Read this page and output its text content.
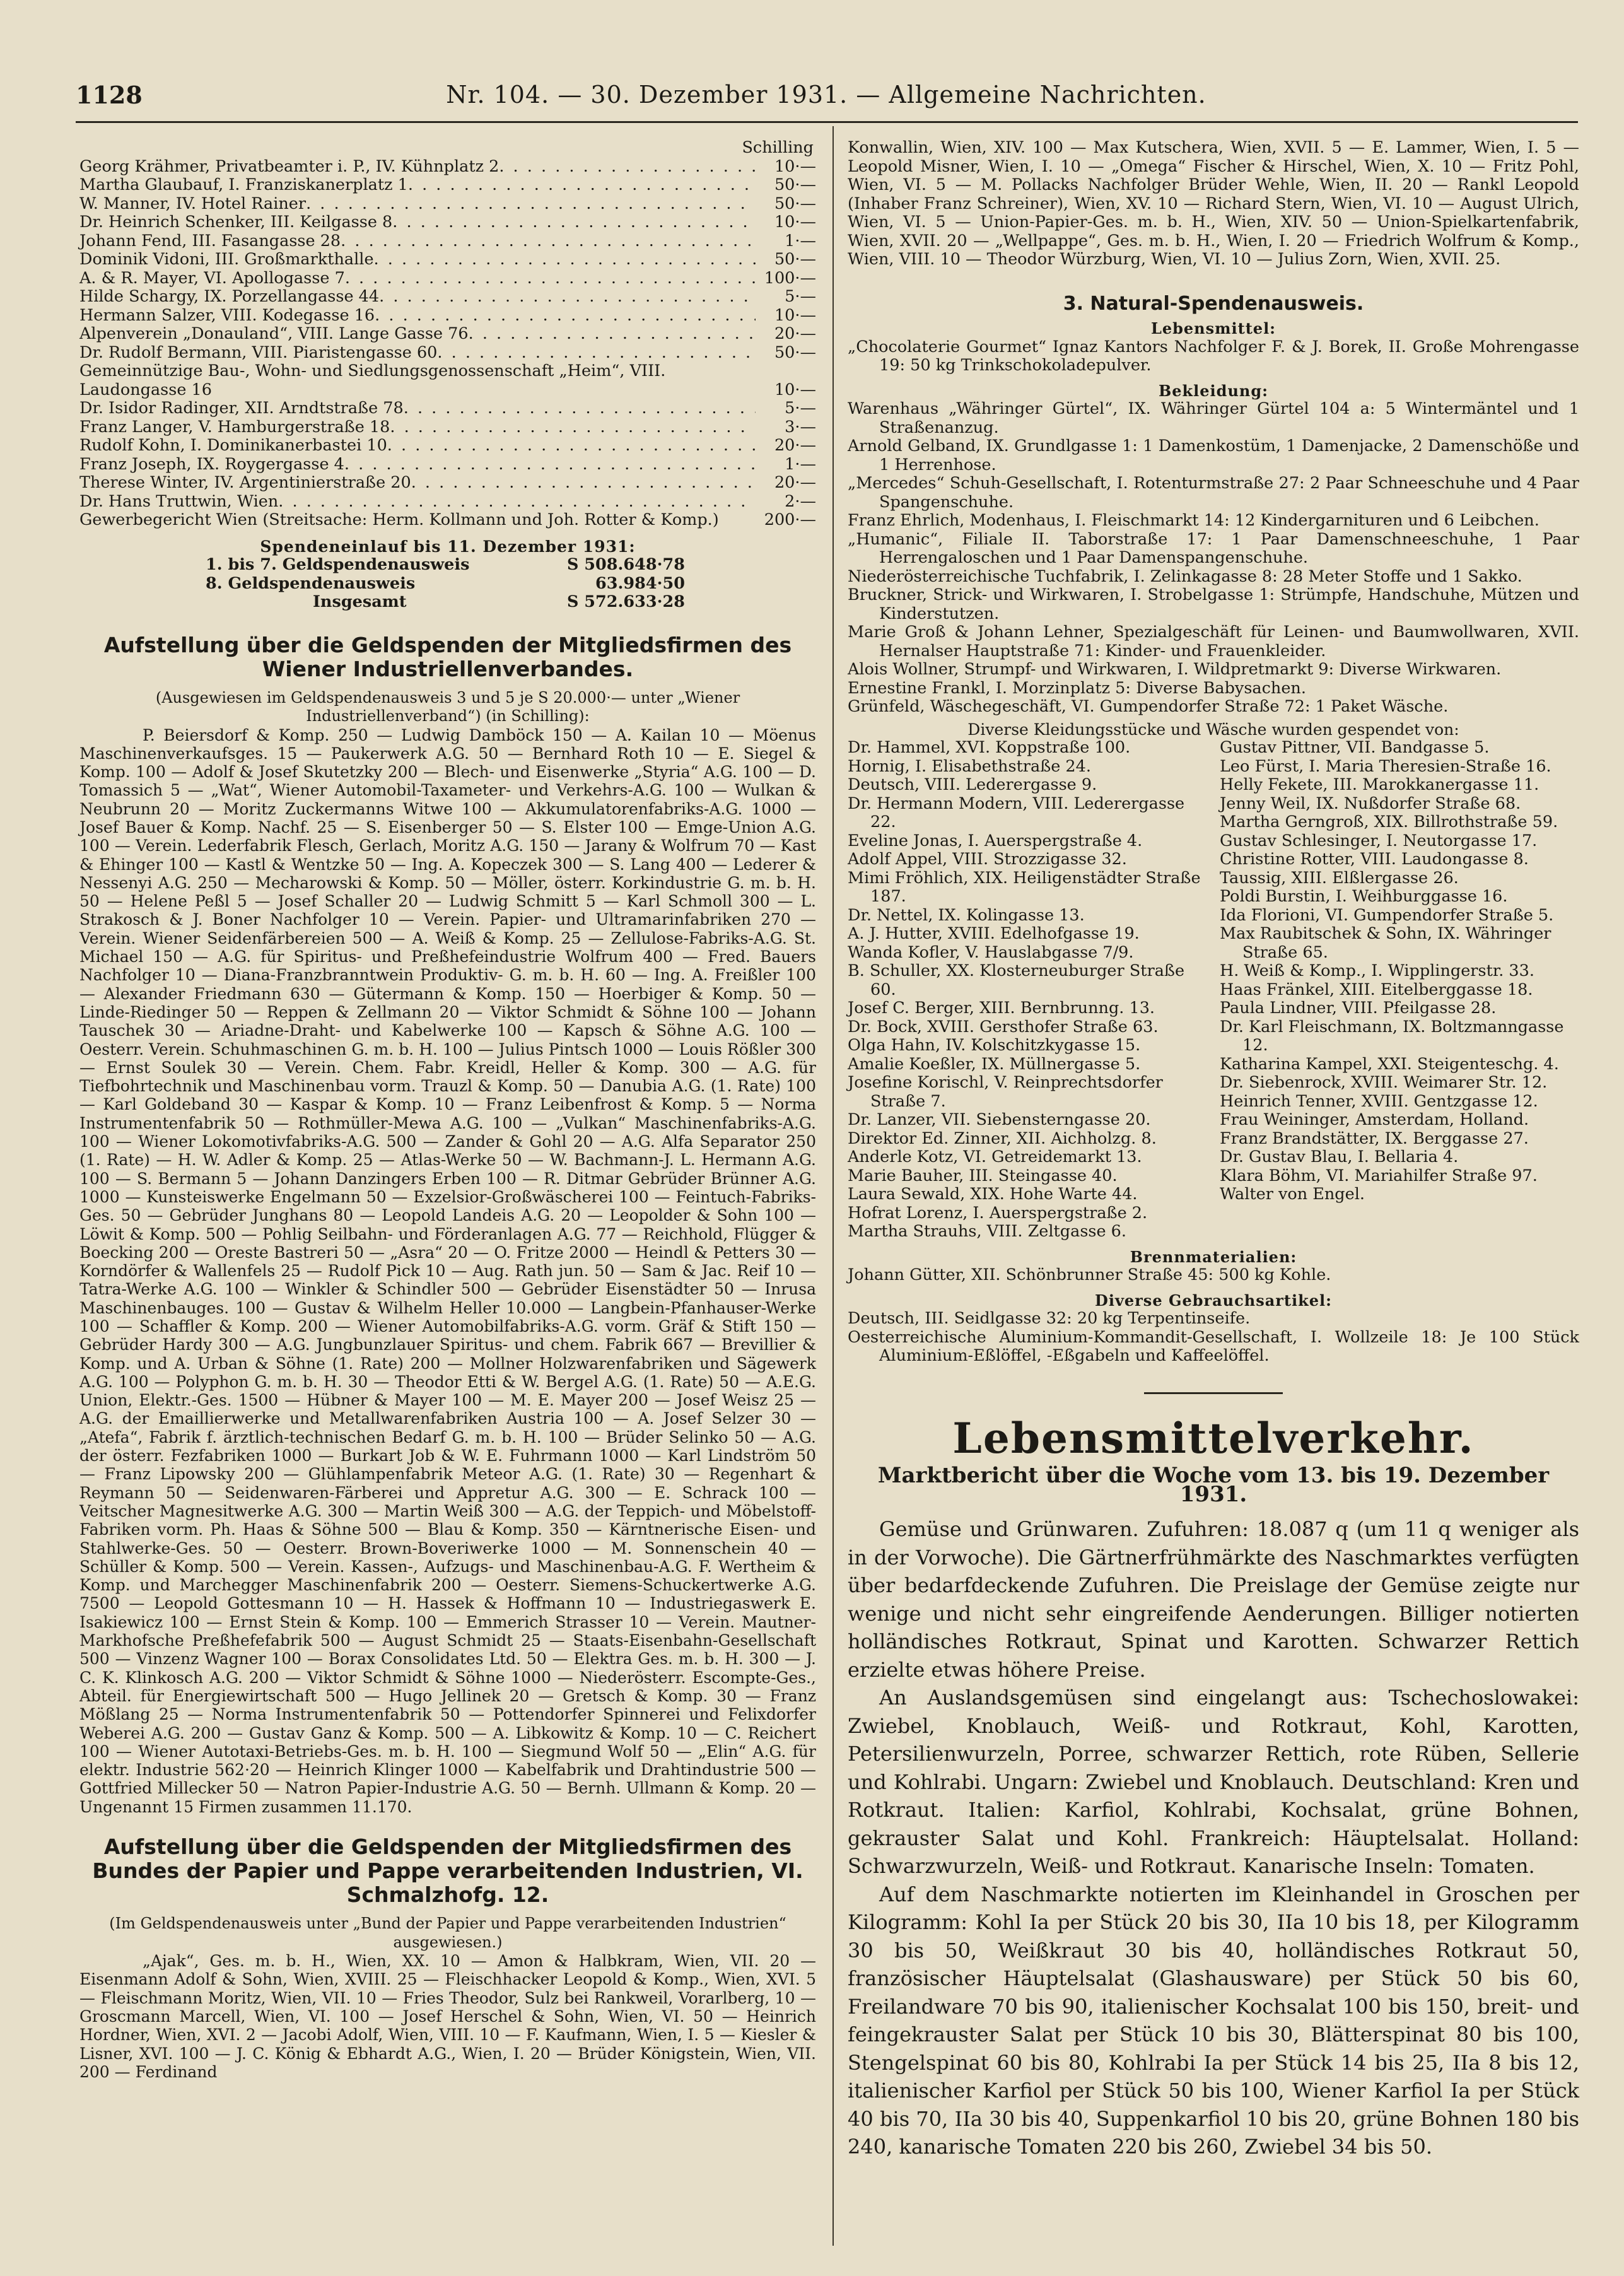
1128	Nr. 104. — 30. Dezember 1931. — Allgemeine Nachrichten.
Schilling
Georg Krähmer, Privatbeamter i. P., IV. Kühnplatz 2 . . .	10·—
Martha Glaubauf, I. Franziskanerplatz 1 . . .	50·—
W. Manner, IV. Hotel Rainer . . .	50·—
Dr. Heinrich Schenker, III. Keilgasse 8 . . .	10·—
Johann Fend, III. Fasangasse 28 . . .	1·—
Dominik Vidoni, III. Großmarkthalle . . .	50·—
A. & R. Mayer, VI. Apollogasse 7 . . .	100·—
Hilde Schargy, IX. Porzellangasse 44 . . .	5·—
Hermann Salzer, VIII. Kodegasse 16 . . .	10·—
Alpenverein „Donauland“, VIII. Lange Gasse 76 . . .	20·—
Dr. Rudolf Bermann, VIII. Piaristengasse 60 . . .	50·—
Gemeinnützige Bau-, Wohn- und Siedlungsgenossenschaft „Heim“, VIII. Laudongasse 16	10·—
Dr. Isidor Radinger, XII. Arndtstraße 78 . . .	5·—
Franz Langer, V. Hamburgerstraße 18 . . .	3·—
Rudolf Kohn, I. Dominikanerbastei 10 . . .	20·—
Franz Joseph, IX. Roygergasse 4 . . .	1·—
Therese Winter, IV. Argentinierstraße 20 . . .	20·—
Dr. Hans Truttwin, Wien . . .	2·—
Gewerbegericht Wien (Streitsache: Herm. Kollmann und Joh. Rotter & Komp.)	200·—
Spendeneinlauf bis 11. Dezember 1931:
1. bis 7. Geldspendenausweis	S 508.648·78
8. Geldspendenausweis	63.984·50
Insgesamt	S 572.633·28
Aufstellung über die Geldspenden der Mitgliedsfirmen des Wiener Industriellenverbandes.
(Ausgewiesen im Geldspendenausweis 3 und 5 je S 20.000·— unter „Wiener Industriellenverband“) (in Schilling):
P. Beiersdorf & Komp. 250 — Ludwig Damböck 150 — A. Kailan 10 — Möenus Maschinenverkaufsges. 15 — Paukerwerk A.G. 50 — Bernhard Roth 10 — E. Siegel & Komp. 100 — Adolf & Josef Skutetzky 200 — Blech- und Eisenwerke „Styria“ A.G. 100 — D. Tomassich 5 — „Wat“, Wiener Automobil-Taxameter- und Verkehrs-A.G. 100 — Wulkan & Neubrunn 20 — Moritz Zuckermanns Witwe 100 — Akkumulatorenfabriks-A.G. 1000 — Josef Bauer & Komp. Nachf. 25 — S. Eisenberger 50 — S. Elster 100 — Emge-Union A.G. 100 — Verein. Lederfabrik Flesch, Gerlach, Moritz A.G. 150 — Jarany & Wolfrum 70 — Kast & Ehinger 100 — Kastl & Wentzke 50 — Ing. A. Kopeczek 300 — S. Lang 400 — Lederer & Nessenyi A.G. 250 — Mecharowski & Komp. 50 — Möller, österr. Korkindustrie G. m. b. H. 50 — Helene Peßl 5 — Josef Schaller 20 — Ludwig Schmitt 5 — Karl Schmoll 300 — L. Strakosch & J. Boner Nachfolger 10 — Verein. Papier- und Ultramarinfabriken 270 — Verein. Wiener Seidenfärbereien 500 — A. Weiß & Komp. 25 — Zellulose-Fabriks-A.G. St. Michael 150 — A.G. für Spiritus- und Preßhefeindustrie Wolfrum 400 — Fred. Bauers Nachfolger 10 — Diana-Franzbranntwein Produktiv- G. m. b. H. 60 — Ing. A. Freißler 100 — Alexander Friedmann 630 — Gütermann & Komp. 150 — Hoerbiger & Komp. 50 — Linde-Riedinger 50 — Reppen & Zellmann 20 — Viktor Schmidt & Söhne 100 — Johann Tauschek 30 — Ariadne-Draht- und Kabelwerke 100 — Kapsch & Söhne A.G. 100 — Oesterr. Verein. Schuhmaschinen G. m. b. H. 100 — Julius Pintsch 1000 — Louis Rößler 300 — Ernst Soulek 30 — Verein. Chem. Fabr. Kreidl, Heller & Komp. 300 — A.G. für Tiefbohrtechnik und Maschinenbau vorm. Trauzl & Komp. 50 — Danubia A.G. (1. Rate) 100 — Karl Goldeband 30 — Kaspar & Komp. 10 — Franz Leibenfrost & Komp. 5 — Norma Instrumentenfabrik 50 — Rothmüller-Mewa A.G. 100 — „Vulkan“ Maschinenfabriks-A.G. 100 — Wiener Lokomotivfabriks-A.G. 500 — Zander & Gohl 20 — A.G. Alfa Separator 250 (1. Rate) — H. W. Adler & Komp. 25 — Atlas-Werke 50 — W. Bachmann-J. L. Hermann A.G. 100 — S. Bermann 5 — Johann Danzingers Erben 100 — R. Ditmar Gebrüder Brünner A.G. 1000 — Kunsteiswerke Engelmann 50 — Exzelsior-Großwäscherei 100 — Feintuch-Fabriks-Ges. 50 — Gebrüder Junghans 80 — Leopold Landeis A.G. 20 — Leopolder & Sohn 100 — Löwit & Komp. 500 — Pohlig Seilbahn- und Förderanlagen A.G. 77 — Reichhold, Flügger & Boecking 200 — Oreste Bastreri 50 — „Asra“ 20 — O. Fritze 2000 — Heindl & Petters 30 — Korndörfer & Wallenfels 25 — Rudolf Pick 10 — Aug. Rath jun. 50 — Sam & Jac. Reif 10 — Tatra-Werke A.G. 100 — Winkler & Schindler 500 — Gebrüder Eisenstädter 50 — Inrusa Maschinenbauges. 100 — Gustav & Wilhelm Heller 10.000 — Langbein-Pfanhauser-Werke 100 — Schaffler & Komp. 200 — Wiener Automobilfabriks-A.G. vorm. Gräf & Stift 150 — Gebrüder Hardy 300 — A.G. Jungbunzlauer Spiritus- und chem. Fabrik 667 — Brevillier & Komp. und A. Urban & Söhne (1. Rate) 200 — Mollner Holzwarenfabriken und Sägewerk A.G. 100 — Polyphon G. m. b. H. 30 — Theodor Etti & W. Bergel A.G. (1. Rate) 50 — A.E.G. Union, Elektr.-Ges. 1500 — Hübner & Mayer 100 — M. E. Mayer 200 — Josef Weisz 25 — A.G. der Emaillierwerke und Metallwarenfabriken Austria 100 — A. Josef Selzer 30 — „Atefa“, Fabrik f. ärztlich-technischen Bedarf G. m. b. H. 100 — Brüder Selinko 50 — A.G. der österr. Fezfabriken 1000 — Burkart Job & W. E. Fuhrmann 1000 — Karl Lindström 50 — Franz Lipowsky 200 — Glühlampenfabrik Meteor A.G. (1. Rate) 30 — Regenhart & Reymann 50 — Seidenwaren-Färberei und Appretur A.G. 300 — E. Schrack 100 — Veitscher Magnesitwerke A.G. 300 — Martin Weiß 300 — A.G. der Teppich- und Möbelstoff-Fabriken vorm. Ph. Haas & Söhne 500 — Blau & Komp. 350 — Kärntnerische Eisen- und Stahlwerke-Ges. 50 — Oesterr. Brown-Boveriwerke 1000 — M. Sonnenschein 40 — Schüller & Komp. 500 — Verein. Kassen-, Aufzugs- und Maschinenbau-A.G. F. Wertheim & Komp. und Marchegger Maschinenfabrik 200 — Oesterr. Siemens-Schuckertwerke A.G. 7500 — Leopold Gottesmann 10 — H. Hassek & Hoffmann 10 — Industriegaswerk E. Isakiewicz 100 — Ernst Stein & Komp. 100 — Emmerich Strasser 10 — Verein. Mautner-Markhofsche Preßhefefabrik 500 — August Schmidt 25 — Staats-Eisenbahn-Gesellschaft 500 — Vinzenz Wagner 100 — Borax Consolidates Ltd. 50 — Elektra Ges. m. b. H. 300 — J. C. K. Klinkosch A.G. 200 — Viktor Schmidt & Söhne 1000 — Niederösterr. Escompte-Ges., Abteil. für Energiewirtschaft 500 — Hugo Jellinek 20 — Gretsch & Komp. 30 — Franz Mößlang 25 — Norma Instrumentenfabrik 50 — Pottendorfer Spinnerei und Felixdorfer Weberei A.G. 200 — Gustav Ganz & Komp. 500 — A. Libkowitz & Komp. 10 — C. Reichert 100 — Wiener Autotaxi-Betriebs-Ges. m. b. H. 100 — Siegmund Wolf 50 — „Elin“ A.G. für elektr. Industrie 562·20 — Heinrich Klinger 1000 — Kabelfabrik und Drahtindustrie 500 — Gottfried Millecker 50 — Natron Papier-Industrie A.G. 50 — Bernh. Ullmann & Komp. 20 — Ungenannt 15 Firmen zusammen 11.170.
Aufstellung über die Geldspenden der Mitgliedsfirmen des Bundes der Papier und Pappe verarbeitenden Industrien, VI. Schmalzhofg. 12.
(Im Geldspendenausweis unter „Bund der Papier und Pappe verarbeitenden Industrien“ ausgewiesen.)
„Ajak“, Ges. m. b. H., Wien, XX. 10 — Amon & Halbkram, Wien, VII. 20 — Eisenmann Adolf & Sohn, Wien, XVIII. 25 — Fleischhacker Leopold & Komp., Wien, XVI. 5 — Fleischmann Moritz, Wien, VII. 10 — Fries Theodor, Sulz bei Rankweil, Vorarlberg, 10 — Groscmann Marcell, Wien, VI. 100 — Josef Herschel & Sohn, Wien, VI. 50 — Heinrich Hordner, Wien, XVI. 2 — Jacobi Adolf, Wien, VIII. 10 — F. Kaufmann, Wien, I. 5 — Kiesler & Lisner, XVI. 100 — J. C. König & Ebhardt A.G., Wien, I. 20 — Brüder Königstein, Wien, VII. 200 — Ferdinand
Konwallin, Wien, XIV. 100 — Max Kutschera, Wien, XVII. 5 — E. Lammer, Wien, I. 5 — Leopold Misner, Wien, I. 10 — „Omega“ Fischer & Hirschel, Wien, X. 10 — Fritz Pohl, Wien, VI. 5 — M. Pollacks Nachfolger Brüder Wehle, Wien, II. 20 — Rankl Leopold (Inhaber Franz Schreiner), Wien, XV. 10 — Richard Stern, Wien, VI. 10 — August Ulrich, Wien, VI. 5 — Union-Papier-Ges. m. b. H., Wien, XIV. 50 — Union-Spielkartenfabrik, Wien, XVII. 20 — „Wellpappe“, Ges. m. b. H., Wien, I. 20 — Friedrich Wolfrum & Komp., Wien, VIII. 10 — Theodor Würzburg, Wien, VI. 10 — Julius Zorn, Wien, XVII. 25.
3. Natural-Spendenausweis.
Lebensmittel:
„Chocolaterie Gourmet“ Ignaz Kantors Nachfolger F. & J. Borek, II. Große Mohrengasse 19: 50 kg Trinkschokoladepulver.
Bekleidung:
Warenhaus „Währinger Gürtel“, IX. Währinger Gürtel 104 a: 5 Wintermäntel und 1 Straßenanzug.
Arnold Gelband, IX. Grundlgasse 1: 1 Damenkostüm, 1 Damenjacke, 2 Damenschöße und 1 Herrenhose.
„Mercedes“ Schuh-Gesellschaft, I. Rotenturmstraße 27: 2 Paar Schneeschuhe und 4 Paar Spangenschuhe.
Franz Ehrlich, Modenhaus, I. Fleischmarkt 14: 12 Kindergarnituren und 6 Leibchen.
„Humanic“, Filiale II. Taborstraße 17: 1 Paar Damenschneeschuhe, 1 Paar Herrengaloschen und 1 Paar Damenspangenschuhe.
Niederösterreichische Tuchfabrik, I. Zelinkagasse 8: 28 Meter Stoffe und 1 Sakko.
Bruckner, Strick- und Wirkwaren, I. Strobelgasse 1: Strümpfe, Handschuhe, Mützen und Kinderstutzen.
Marie Groß & Johann Lehner, Spezialgeschäft für Leinen- und Baumwollwaren, XVII. Hernalser Hauptstraße 71: Kinder- und Frauenkleider.
Alois Wollner, Strumpf- und Wirkwaren, I. Wildpretmarkt 9: Diverse Wirkwaren.
Ernestine Frankl, I. Morzinplatz 5: Diverse Babysachen.
Grünfeld, Wäschegeschäft, VI. Gumpendorfer Straße 72: 1 Paket Wäsche.
Diverse Kleidungsstücke und Wäsche wurden gespendet von:
Dr. Hammel, XVI. Koppstraße 100.
Hornig, I. Elisabethstraße 24.
Deutsch, VIII. Lederergasse 9.
Dr. Hermann Modern, VIII. Lederergasse 22.
Eveline Jonas, I. Auerspergstraße 4.
Adolf Appel, VIII. Strozzigasse 32.
Mimi Fröhlich, XIX. Heiligenstädter Straße 187.
Dr. Nettel, IX. Kolingasse 13.
A. J. Hutter, XVIII. Edelhofgasse 19.
Wanda Kofler, V. Hauslabgasse 7/9.
B. Schuller, XX. Klosterneuburger Straße 60.
Josef C. Berger, XIII. Bernbrunng. 13.
Dr. Bock, XVIII. Gersthofer Straße 63.
Olga Hahn, IV. Kolschitzkygasse 15.
Amalie Koeßler, IX. Müllnergasse 5.
Josefine Korischl, V. Reinprechtsdorfer Straße 7.
Dr. Lanzer, VII. Siebensterngasse 20.
Direktor Ed. Zinner, XII. Aichholzg. 8.
Anderle Kotz, VI. Getreidemarkt 13.
Marie Bauher, III. Steingasse 40.
Laura Sewald, XIX. Hohe Warte 44.
Hofrat Lorenz, I. Auerspergstraße 2.
Martha Strauhs, VIII. Zeltgasse 6.
Gustav Pittner, VII. Bandgasse 5.
Leo Fürst, I. Maria Theresien-Straße 16.
Helly Fekete, III. Marokkanergasse 11.
Jenny Weil, IX. Nußdorfer Straße 68.
Martha Gerngroß, XIX. Billrothstraße 59.
Gustav Schlesinger, I. Neutorgasse 17.
Christine Rotter, VIII. Laudongasse 8.
Taussig, XIII. Elßlergasse 26.
Poldi Burstin, I. Weihburggasse 16.
Ida Florioni, VI. Gumpendorfer Straße 5.
Max Raubitschek & Sohn, IX. Währinger Straße 65.
H. Weiß & Komp., I. Wipplingerstr. 33.
Haas Fränkel, XIII. Eitelberggasse 18.
Paula Lindner, VIII. Pfeilgasse 28.
Dr. Karl Fleischmann, IX. Boltzmanngasse 12.
Katharina Kampel, XXI. Steigenteschg. 4.
Dr. Siebenrock, XVIII. Weimarer Str. 12.
Heinrich Tenner, XVIII. Gentzgasse 12.
Frau Weininger, Amsterdam, Holland.
Franz Brandstätter, IX. Berggasse 27.
Dr. Gustav Blau, I. Bellaria 4.
Klara Böhm, VI. Mariahilfer Straße 97.
Walter von Engel.
Brennmaterialien:
Johann Gütter, XII. Schönbrunner Straße 45: 500 kg Kohle.
Diverse Gebrauchsartikel:
Deutsch, III. Seidlgasse 32: 20 kg Terpentinseife.
Oesterreichische Aluminium-Kommandit-Gesellschaft, I. Wollzeile 18: Je 100 Stück Aluminium-Eßlöffel, -Eßgabeln und Kaffeelöffel.
Lebensmittelverkehr.
Marktbericht über die Woche vom 13. bis 19. Dezember 1931.

Gemüse und Grünwaren. Zufuhren: 18.087 q (um 11 q weniger als in der Vorwoche). Die Gärtnerfrühmärkte des Naschmarktes verfügten über bedarfdeckende Zufuhren. Die Preislage der Gemüse zeigte nur wenige und nicht sehr eingreifende Aenderungen. Billiger notierten holländisches Rotkraut, Spinat und Karotten. Schwarzer Rettich erzielte etwas höhere Preise.

An Auslandsgemüsen sind eingelangt aus: Tschechoslowakei: Zwiebel, Knoblauch, Weiß- und Rotkraut, Kohl, Karotten, Petersilienwurzeln, Porree, schwarzer Rettich, rote Rüben, Sellerie und Kohlrabi. Ungarn: Zwiebel und Knoblauch. Deutschland: Kren und Rotkraut. Italien: Karfiol, Kohlrabi, Kochsalat, grüne Bohnen, gekrauster Salat und Kohl. Frankreich: Häuptelsalat. Holland: Schwarzwurzeln, Weiß- und Rotkraut. Kanarische Inseln: Tomaten.

Auf dem Naschmarkte notierten im Kleinhandel in Groschen per Kilogramm: Kohl Ia per Stück 20 bis 30, IIa 10 bis 18, per Kilogramm 30 bis 50, Weißkraut 30 bis 40, holländisches Rotkraut 50, französischer Häuptelsalat (Glashausware) per Stück 50 bis 60, Freilandware 70 bis 90, italienischer Kochsalat 100 bis 150, breit- und feingekrauster Salat per Stück 10 bis 30, Blätterspinat 80 bis 100, Stengelspinat 60 bis 80, Kohlrabi Ia per Stück 14 bis 25, IIa 8 bis 12, italienischer Karfiol per Stück 50 bis 100, Wiener Karfiol Ia per Stück 40 bis 70, IIa 30 bis 40, Suppenkarfiol 10 bis 20, grüne Bohnen 180 bis 240, kanarische Tomaten 220 bis 260, Zwiebel 34 bis 50.
